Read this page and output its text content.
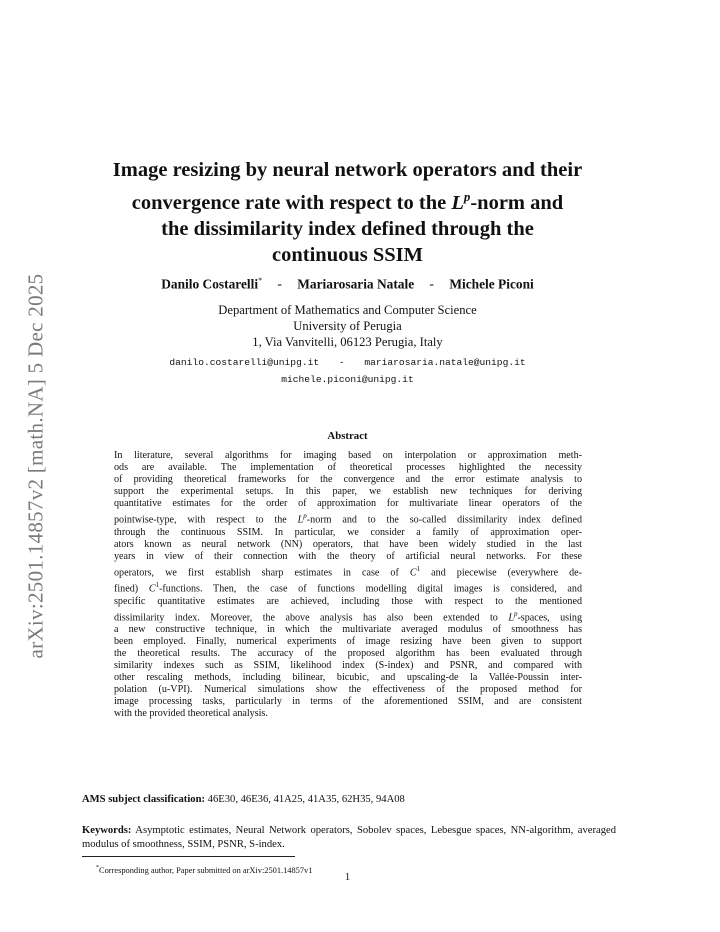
arXiv:2501.14857v2 [math.NA] 5 Dec 2025
Image resizing by neural network operators and their
convergence rate with respect to the $L^p$-norm and
the dissimilarity index defined through the
continuous SSIM
Danilo Costarelli* - Mariarosaria Natale - Michele Piconi
Department of Mathematics and Computer Science
University of Perugia
1, Via Vanvitelli, 06123 Perugia, Italy
danilo.costarelli@unipg.it - mariarosaria.natale@unipg.it
michele.piconi@unipg.it
Abstract
In literature, several algorithms for imaging based on interpolation or approximation meth-
ods are available. The implementation of theoretical processes highlighted the necessity
of providing theoretical frameworks for the convergence and the error estimate analysis to
support the experimental setups. In this paper, we establish new techniques for deriving
quantitative estimates for the order of approximation for multivariate linear operators of the
pointwise-type, with respect to the $L^p$-norm and to the so-called dissimilarity index defined
through the continuous SSIM. In particular, we consider a family of approximation oper-
ators known as neural network (NN) operators, that have been widely studied in the last
years in view of their connection with the theory of artificial neural networks. For these
operators, we first establish sharp estimates in case of $C^1$ and piecewise (everywhere de-
fined) $C^1$-functions. Then, the case of functions modelling digital images is considered, and
specific quantitative estimates are achieved, including those with respect to the mentioned
dissimilarity index. Moreover, the above analysis has also been extended to $L^p$-spaces, using
a new constructive technique, in which the multivariate averaged modulus of smoothness has
been employed. Finally, numerical experiments of image resizing have been given to support
the theoretical results. The accuracy of the proposed algorithm has been evaluated through
similarity indexes such as SSIM, likelihood index (S-index) and PSNR, and compared with
other rescaling methods, including bilinear, bicubic, and upscaling-de la Vallée-Poussin inter-
polation (u-VPI). Numerical simulations show the effectiveness of the proposed method for
image processing tasks, particularly in terms of the aforementioned SSIM, and are consistent
with the provided theoretical analysis.
AMS subject classification: 46E30, 46E36, 41A25, 41A35, 62H35, 94A08
Keywords: Asymptotic estimates, Neural Network operators, Sobolev spaces, Lebesgue spaces, NN-algorithm, averaged modulus of smoothness, SSIM, PSNR, S-index.
*Corresponding author, Paper submitted on arXiv:2501.14857v1
1
